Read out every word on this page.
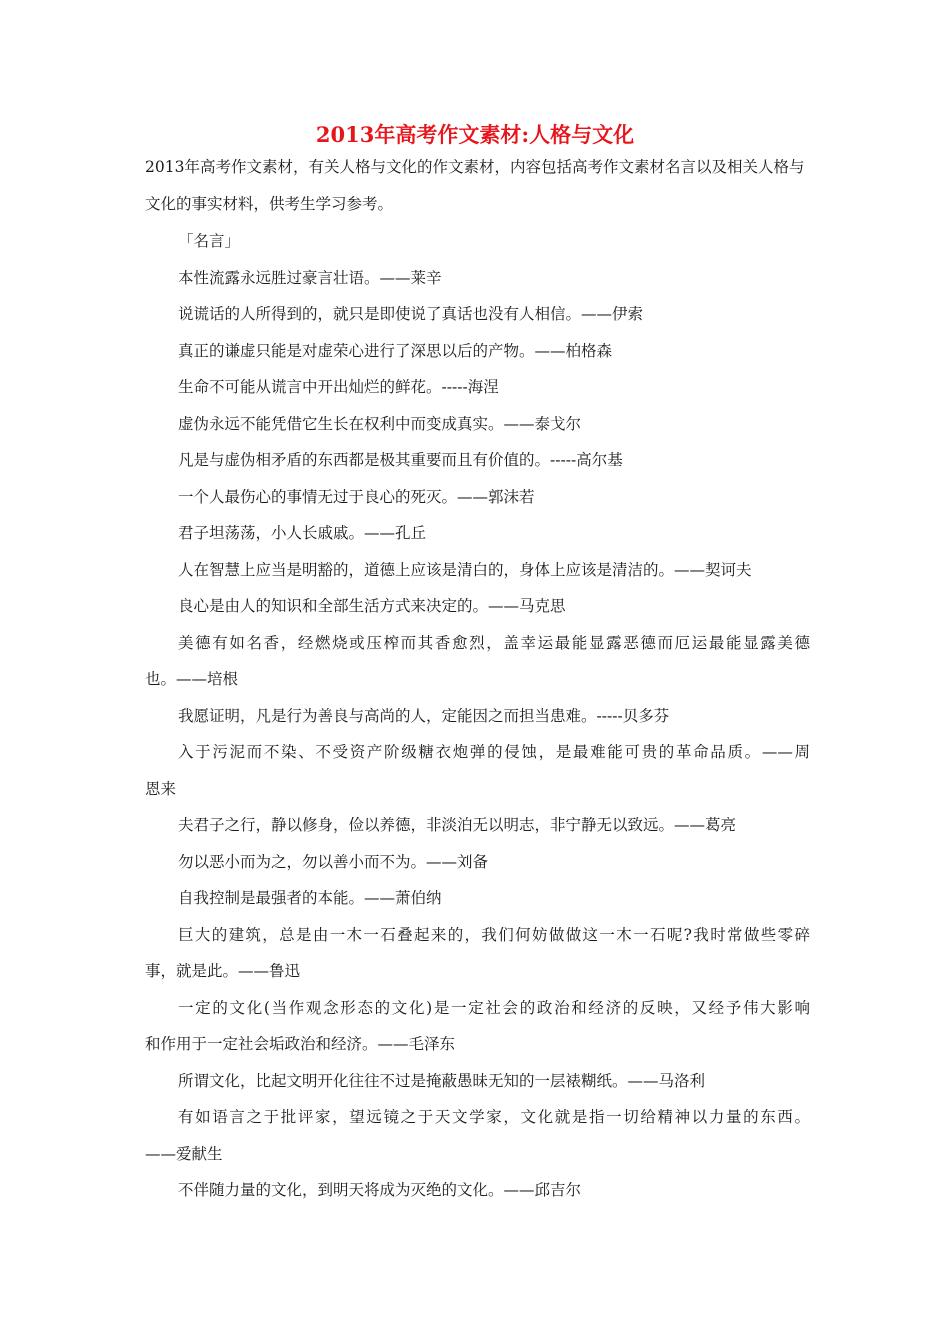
2013年高考作文素材:人格与文化
2013年高考作文素材，有关人格与文化的作文素材，内容包括高考作文素材名言以及相关人格与文化的事实材料，供考生学习参考。
「名言」
本性流露永远胜过豪言壮语。——莱辛
说谎话的人所得到的，就只是即使说了真话也没有人相信。——伊索
真正的谦虚只能是对虚荣心进行了深思以后的产物。——柏格森
生命不可能从谎言中开出灿烂的鲜花。-----海涅
虚伪永远不能凭借它生长在权利中而变成真实。——泰戈尔
凡是与虚伪相矛盾的东西都是极其重要而且有价值的。-----高尔基
一个人最伤心的事情无过于良心的死灭。——郭沫若
君子坦荡荡，小人长戚戚。——孔丘
人在智慧上应当是明豁的，道德上应该是清白的，身体上应该是清洁的。——契诃夫
良心是由人的知识和全部生活方式来决定的。——马克思
美德有如名香，经燃烧或压榨而其香愈烈，盖幸运最能显露恶德而厄运最能显露美德
也。——培根
我愿证明，凡是行为善良与高尚的人，定能因之而担当患难。-----贝多芬
入于污泥而不染、不受资产阶级糖衣炮弹的侵蚀，是最难能可贵的革命品质。——周
恩来
夫君子之行，静以修身，俭以养德，非淡泊无以明志，非宁静无以致远。——葛亮
勿以恶小而为之，勿以善小而不为。——刘备
自我控制是最强者的本能。——萧伯纳
巨大的建筑，总是由一木一石叠起来的，我们何妨做做这一木一石呢?我时常做些零碎
事，就是此。——鲁迅
一定的文化(当作观念形态的文化)是一定社会的政治和经济的反映，又经予伟大影响
和作用于一定社会垢政治和经济。——毛泽东
所谓文化，比起文明开化往往不过是掩蔽愚昧无知的一层裱糊纸。——马洛利
有如语言之于批评家，望远镜之于天文学家，文化就是指一切给精神以力量的东西。
——爱献生
不伴随力量的文化，到明天将成为灭绝的文化。——邱吉尔
